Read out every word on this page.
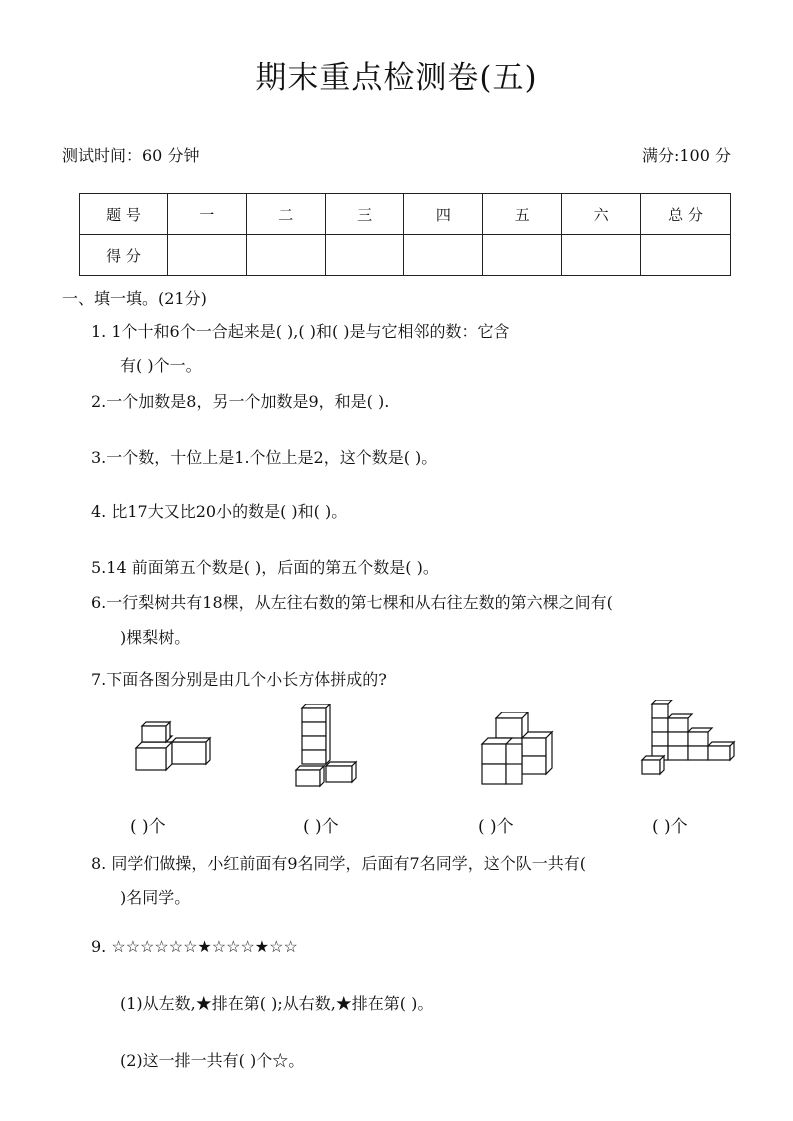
期末重点检测卷(五)
测试时间：60 分钟	满分:100 分
题 号	一	二	三	四	五	六	总 分
得 分							
一、填一填。(21分)
1. 1个十和6个一合起来是( ),( )和( )是与它相邻的数：它含
有( )个一。
2.一个加数是8，另一个加数是9，和是( ).
3.一个数，十位上是1.个位上是2，这个数是( )。
4. 比17大又比20小的数是( )和( )。
5.14 前面第五个数是( )，后面的第五个数是( )。
6.一行梨树共有18棵，从左往右数的第七棵和从右往左数的第六棵之间有(
)棵梨树。
7.下面各图分别是由几个小长方体拼成的?
( )个	( )个	( )个	( )个
8. 同学们做操，小红前面有9名同学，后面有7名同学，这个队一共有(
)名同学。
9. ☆☆☆☆☆☆★☆☆☆★☆☆
(1)从左数,★排在第( );从右数,★排在第( )。
(2)这一排一共有( )个☆。
